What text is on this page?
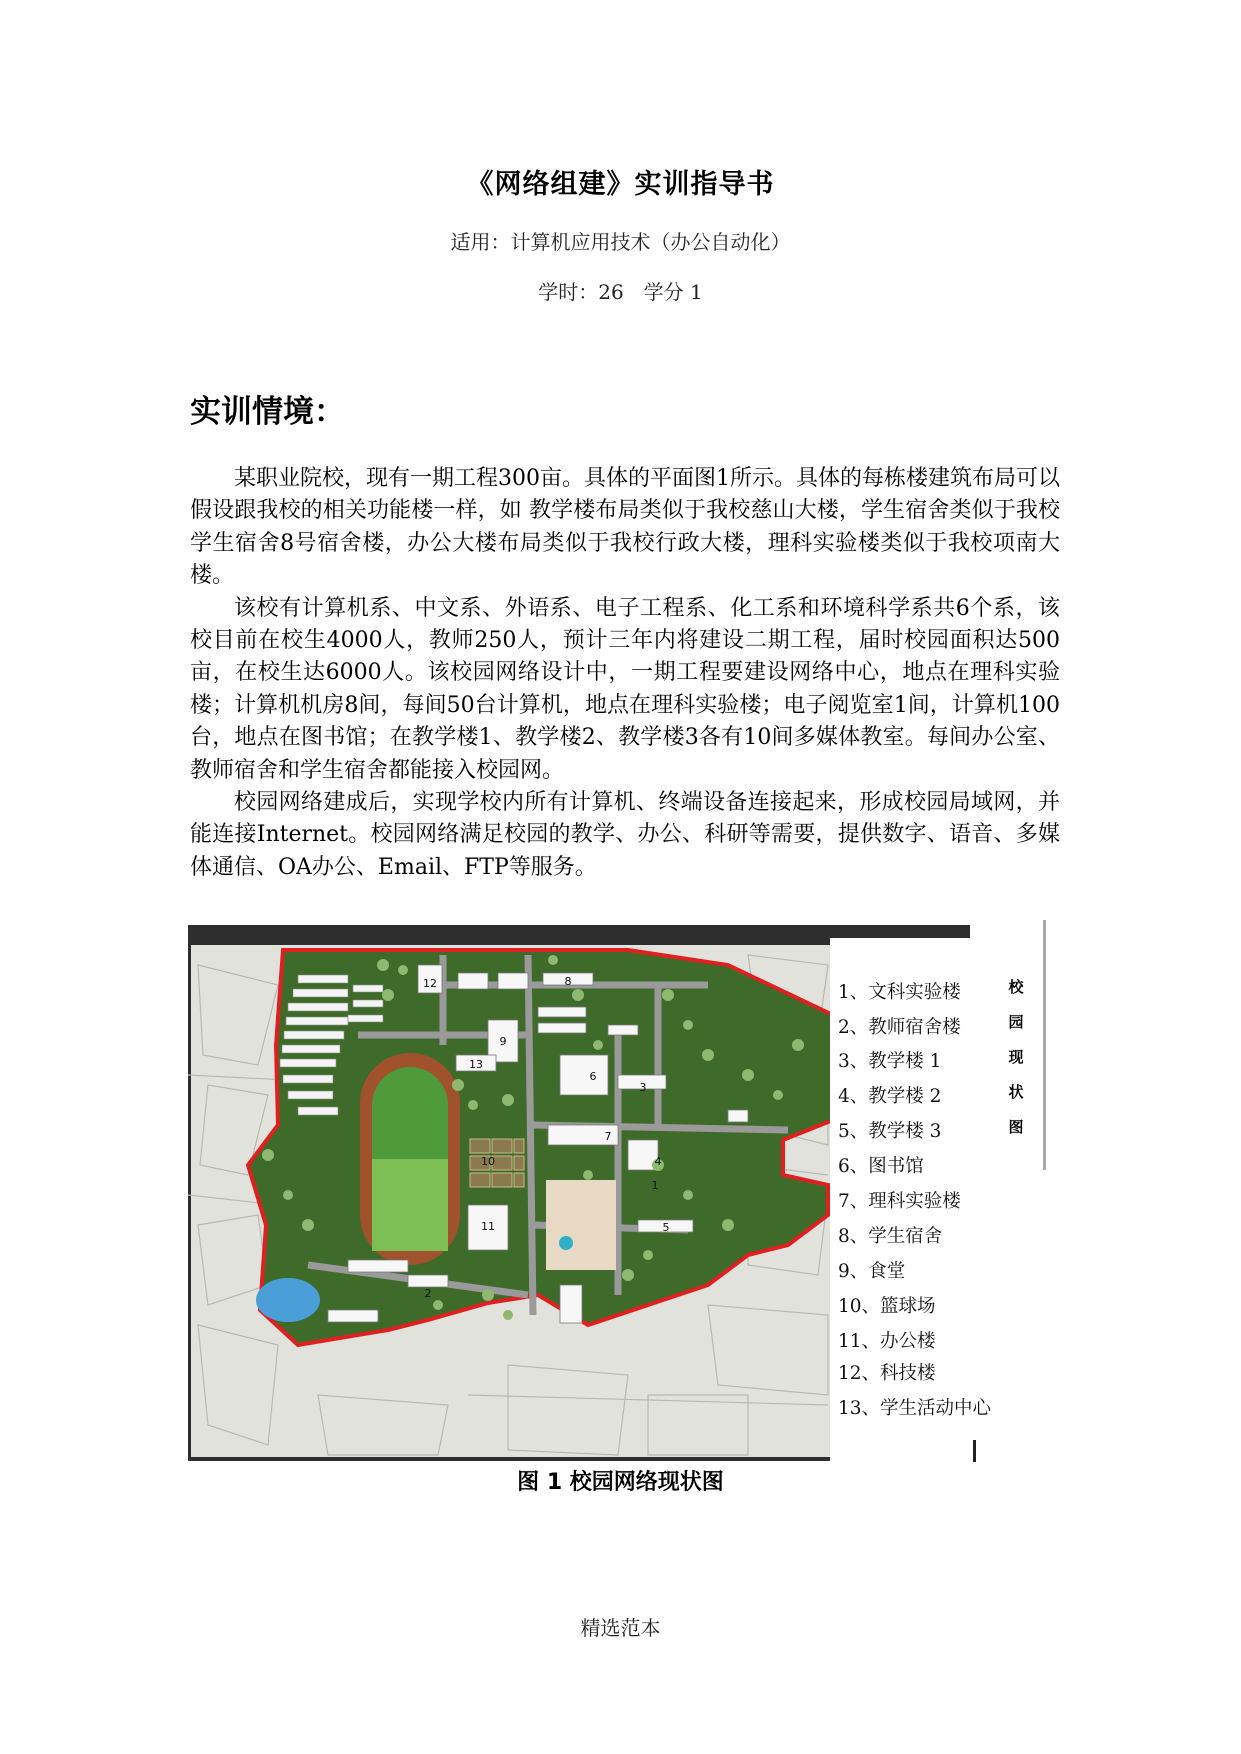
《网络组建》实训指导书
适用：计算机应用技术（办公自动化）
学时：26　学分 1
实训情境：

某职业院校，现有一期工程300亩。具体的平面图1所示。具体的每栋楼建筑布局可以假设跟我校的相关功能楼一样，如 教学楼布局类似于我校慈山大楼，学生宿舍类似于我校学生宿舍8号宿舍楼，办公大楼布局类似于我校行政大楼，理科实验楼类似于我校项南大楼。

该校有计算机系、中文系、外语系、电子工程系、化工系和环境科学系共6个系，该校目前在校生4000人，教师250人，预计三年内将建设二期工程，届时校园面积达500亩，在校生达6000人。该校园网络设计中，一期工程要建设网络中心，地点在理科实验楼；计算机机房8间，每间50台计算机，地点在理科实验楼；电子阅览室1间，计算机100台，地点在图书馆；在教学楼1、教学楼2、教学楼3各有10间多媒体教室。每间办公室、教师宿舍和学生宿舍都能接入校园网。

校园网络建成后，实现学校内所有计算机、终端设备连接起来，形成校园局域网，并能连接Internet。校园网络满足校园的教学、办公、科研等需要，提供数字、语音、多媒体通信、OA办公、Email、FTP等服务。

1
2
3
4
5
6
7
8
9
10
11
12
13
1、文科实验楼
2、教师宿舍楼
3、教学楼 1
4、教学楼 2
5、教学楼 3
6、图书馆
7、理科实验楼
8、学生宿舍
9、食堂
10、篮球场
11、办公楼
12、科技楼
13、学生活动中心
校园现状图
图 1 校园网络现状图
精选范本
